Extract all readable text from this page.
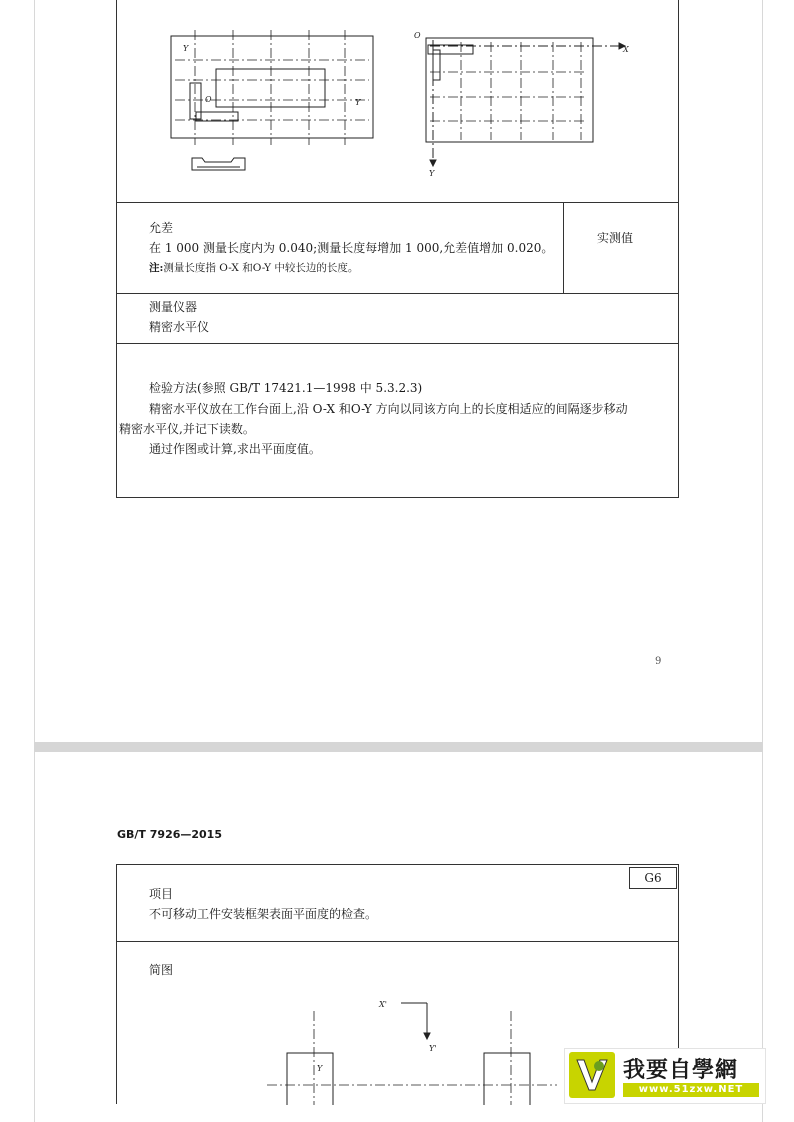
Y
O	Y
O
X
Y
允差
在 1 000 测量长度内为 0.040;测量长度每增加 1 000,允差值增加 0.020。
注:测量长度指 O-X 和O-Y 中较长边的长度。
实测值
测量仪器
精密水平仪
检验方法(参照 GB/T 17421.1—1998 中 5.3.2.3)
精密水平仪放在工作台面上,沿 O-X 和O-Y 方向以同该方向上的长度相适应的间隔逐步移动
精密水平仪,并记下读数。
通过作图或计算,求出平面度值。
9
GB/T 7926—2015
G6
项目
不可移动工件安装框架表面平面度的检查。
简图
X'
Y'
Y	我要自學網
www.51zxw.NET
